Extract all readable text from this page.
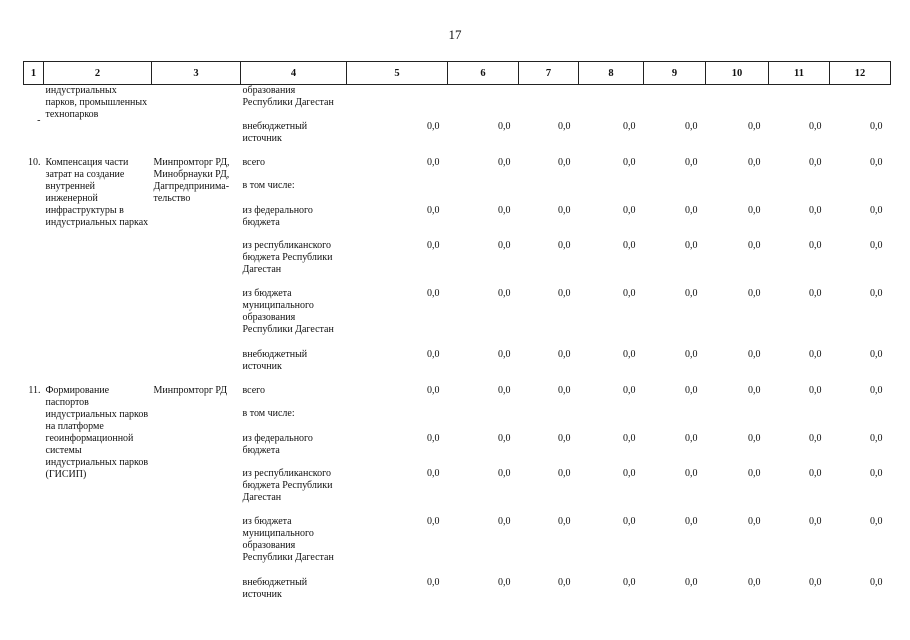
17
1	2	3	4	5	6	7	8	9	10	11	12
-	индустриальных парков, промышленных технопарков		образования Республики Дагестан								
			внебюджетный источник	0,0	0,0	0,0	0,0	0,0	0,0	0,0	0,0
10.	Компенсация части затрат на создание внутренней инженерной инфраструктуры в индустриальных парках	Минпромторг РД, Минобрнауки РД, Дагпредпринима-тельство	всего	0,0	0,0	0,0	0,0	0,0	0,0	0,0	0,0
			в том числе:								
			из федерального бюджета	0,0	0,0	0,0	0,0	0,0	0,0	0,0	0,0
			из республиканского бюджета Республики Дагестан	0,0	0,0	0,0	0,0	0,0	0,0	0,0	0,0
			из бюджета муниципального образования Республики Дагестан	0,0	0,0	0,0	0,0	0,0	0,0	0,0	0,0
			внебюджетный источник	0,0	0,0	0,0	0,0	0,0	0,0	0,0	0,0
11.	Формирование паспортов индустриальных парков на платформе геоинформационной системы индустриальных парков (ГИСИП)	Минпромторг РД	всего	0,0	0,0	0,0	0,0	0,0	0,0	0,0	0,0
			в том числе:								
			из федерального бюджета	0,0	0,0	0,0	0,0	0,0	0,0	0,0	0,0
			из республиканского бюджета Республики Дагестан	0,0	0,0	0,0	0,0	0,0	0,0	0,0	0,0
			из бюджета муниципального образования Республики Дагестан	0,0	0,0	0,0	0,0	0,0	0,0	0,0	0,0
			внебюджетный источник	0,0	0,0	0,0	0,0	0,0	0,0	0,0	0,0
